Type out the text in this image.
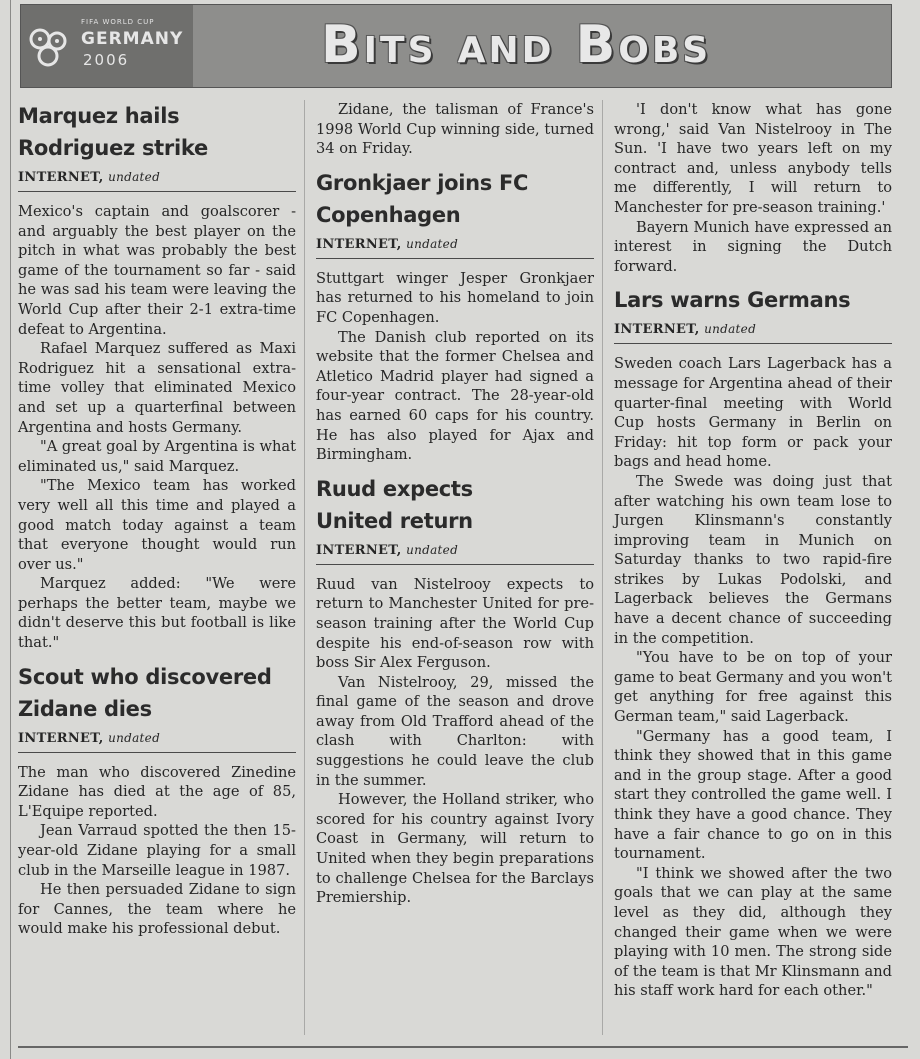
FIFA WORLD CUP
GERMANY
2006	Bits and Bobs
Marquez hails
Rodriguez strike
INTERNET, undated

Mexico's captain and goalscorer - and arguably the best player on the pitch in what was probably the best game of the tournament so far - said he was sad his team were leaving the World Cup after their 2-1 extra-time defeat to Argentina.

Rafael Marquez suffered as Maxi Rodriguez hit a sensational extra-time volley that eliminated Mexico and set up a quarterfinal between Argentina and hosts Germany.

"A great goal by Argentina is what eliminated us," said Marquez.

"The Mexico team has worked very well all this time and played a good match today against a team that everyone thought would run over us."

Marquez added: "We were perhaps the better team, maybe we didn't deserve this but football is like that."

Scout who discovered
Zidane dies
INTERNET, undated

The man who discovered Zinedine Zidane has died at the age of 85, L'Equipe reported.

Jean Varraud spotted the then 15-year-old Zidane playing for a small club in the Marseille league in 1987.

He then persuaded Zidane to sign for Cannes, the team where he would make his professional debut.

Zidane, the talisman of France's 1998 World Cup winning side, turned 34 on Friday.

Gronkjaer joins FC
Copenhagen
INTERNET, undated

Stuttgart winger Jesper Gronkjaer has returned to his homeland to join FC Copenhagen.

The Danish club reported on its website that the former Chelsea and Atletico Madrid player had signed a four-year contract. The 28-year-old has earned 60 caps for his country. He has also played for Ajax and Birmingham.

Ruud expects
United return
INTERNET, undated

Ruud van Nistelrooy expects to return to Manchester United for pre-season training after the World Cup despite his end-of-season row with boss Sir Alex Ferguson.

Van Nistelrooy, 29, missed the final game of the season and drove away from Old Trafford ahead of the clash with Charlton: with suggestions he could leave the club in the summer.

However, the Holland striker, who scored for his country against Ivory Coast in Germany, will return to United when they begin preparations to challenge Chelsea for the Barclays Premiership.

'I don't know what has gone wrong,' said Van Nistelrooy in The Sun. 'I have two years left on my contract and, unless anybody tells me differently, I will return to Manchester for pre-season training.'

Bayern Munich have expressed an interest in signing the Dutch forward.

Lars warns Germans
INTERNET, undated

Sweden coach Lars Lagerback has a message for Argentina ahead of their quarter-final meeting with World Cup hosts Germany in Berlin on Friday: hit top form or pack your bags and head home.

The Swede was doing just that after watching his own team lose to Jurgen Klinsmann's constantly improving team in Munich on Saturday thanks to two rapid-fire strikes by Lukas Podolski, and Lagerback believes the Germans have a decent chance of succeeding in the competition.

"You have to be on top of your game to beat Germany and you won't get anything for free against this German team," said Lagerback.

"Germany has a good team, I think they showed that in this game and in the group stage. After a good start they controlled the game well. I think they have a good chance. They have a fair chance to go on in this tournament.

"I think we showed after the two goals that we can play at the same level as they did, although they changed their game when we were playing with 10 men. The strong side of the team is that Mr Klinsmann and his staff work hard for each other."
